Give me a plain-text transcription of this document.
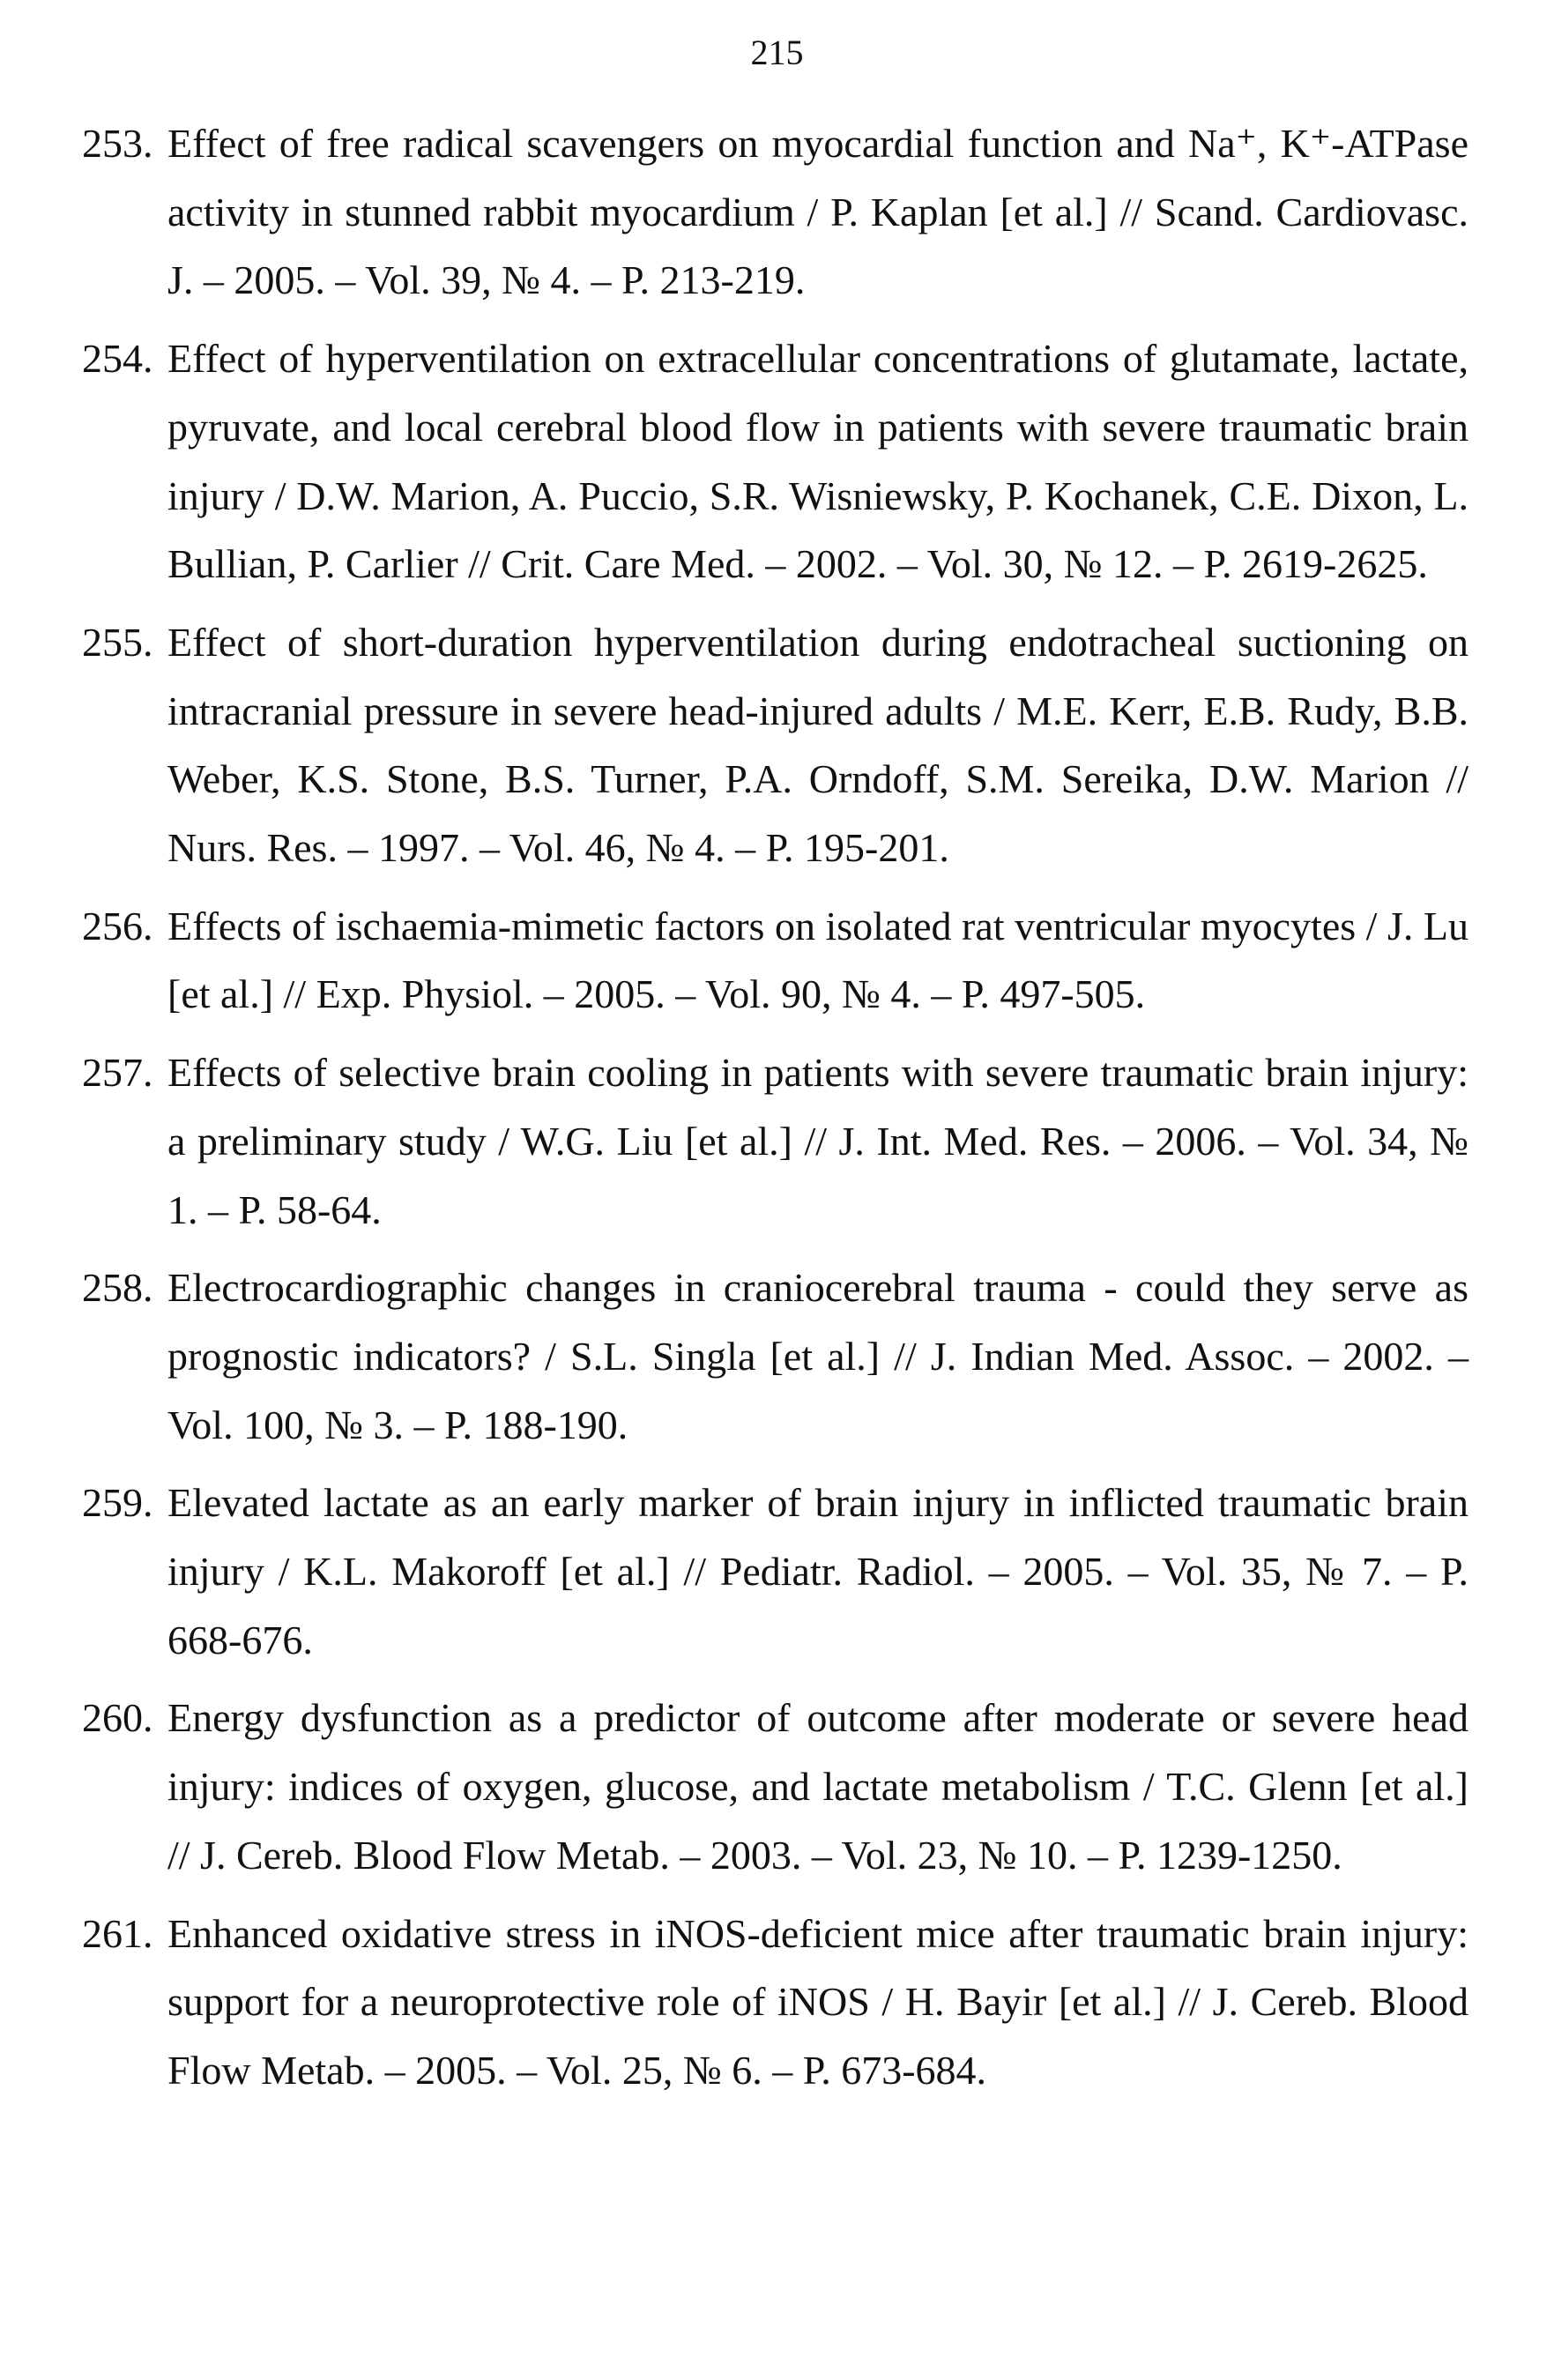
215
253. Effect of free radical scavengers on myocardial function and Na⁺, K⁺-ATPase activity in stunned rabbit myocardium / P. Kaplan [et al.] // Scand. Cardiovasc. J. – 2005. – Vol. 39, № 4. – P. 213-219.
254. Effect of hyperventilation on extracellular concentrations of glutamate, lactate, pyruvate, and local cerebral blood flow in patients with severe traumatic brain injury / D.W. Marion, A. Puccio, S.R. Wisniewsky, P. Kochanek, C.E. Dixon, L. Bullian, P. Carlier // Crit. Care Med. – 2002. – Vol. 30, № 12. – P. 2619-2625.
255. Effect of short-duration hyperventilation during endotracheal suctioning on intracranial pressure in severe head-injured adults / M.E. Kerr, E.B. Rudy, B.B. Weber, K.S. Stone, B.S. Turner, P.A. Orndoff, S.M. Sereika, D.W. Marion // Nurs. Res. – 1997. – Vol. 46, № 4. – P. 195-201.
256. Effects of ischaemia-mimetic factors on isolated rat ventricular myocytes / J. Lu [et al.] // Exp. Physiol. – 2005. – Vol. 90, № 4. – P. 497-505.
257. Effects of selective brain cooling in patients with severe traumatic brain injury: a preliminary study / W.G. Liu [et al.] // J. Int. Med. Res. – 2006. – Vol. 34, № 1. – P. 58-64.
258. Electrocardiographic changes in craniocerebral trauma - could they serve as prognostic indicators? / S.L. Singla [et al.] // J. Indian Med. Assoc. – 2002. – Vol. 100, № 3. – P. 188-190.
259. Elevated lactate as an early marker of brain injury in inflicted traumatic brain injury / K.L. Makoroff [et al.] // Pediatr. Radiol. – 2005. – Vol. 35, № 7. – P. 668-676.
260. Energy dysfunction as a predictor of outcome after moderate or severe head injury: indices of oxygen, glucose, and lactate metabolism / T.C. Glenn [et al.] // J. Cereb. Blood Flow Metab. – 2003. – Vol. 23, № 10. – P. 1239-1250.
261. Enhanced oxidative stress in iNOS-deficient mice after traumatic brain injury: support for a neuroprotective role of iNOS / H. Bayir [et al.] // J. Cereb. Blood Flow Metab. – 2005. – Vol. 25, № 6. – P. 673-684.
